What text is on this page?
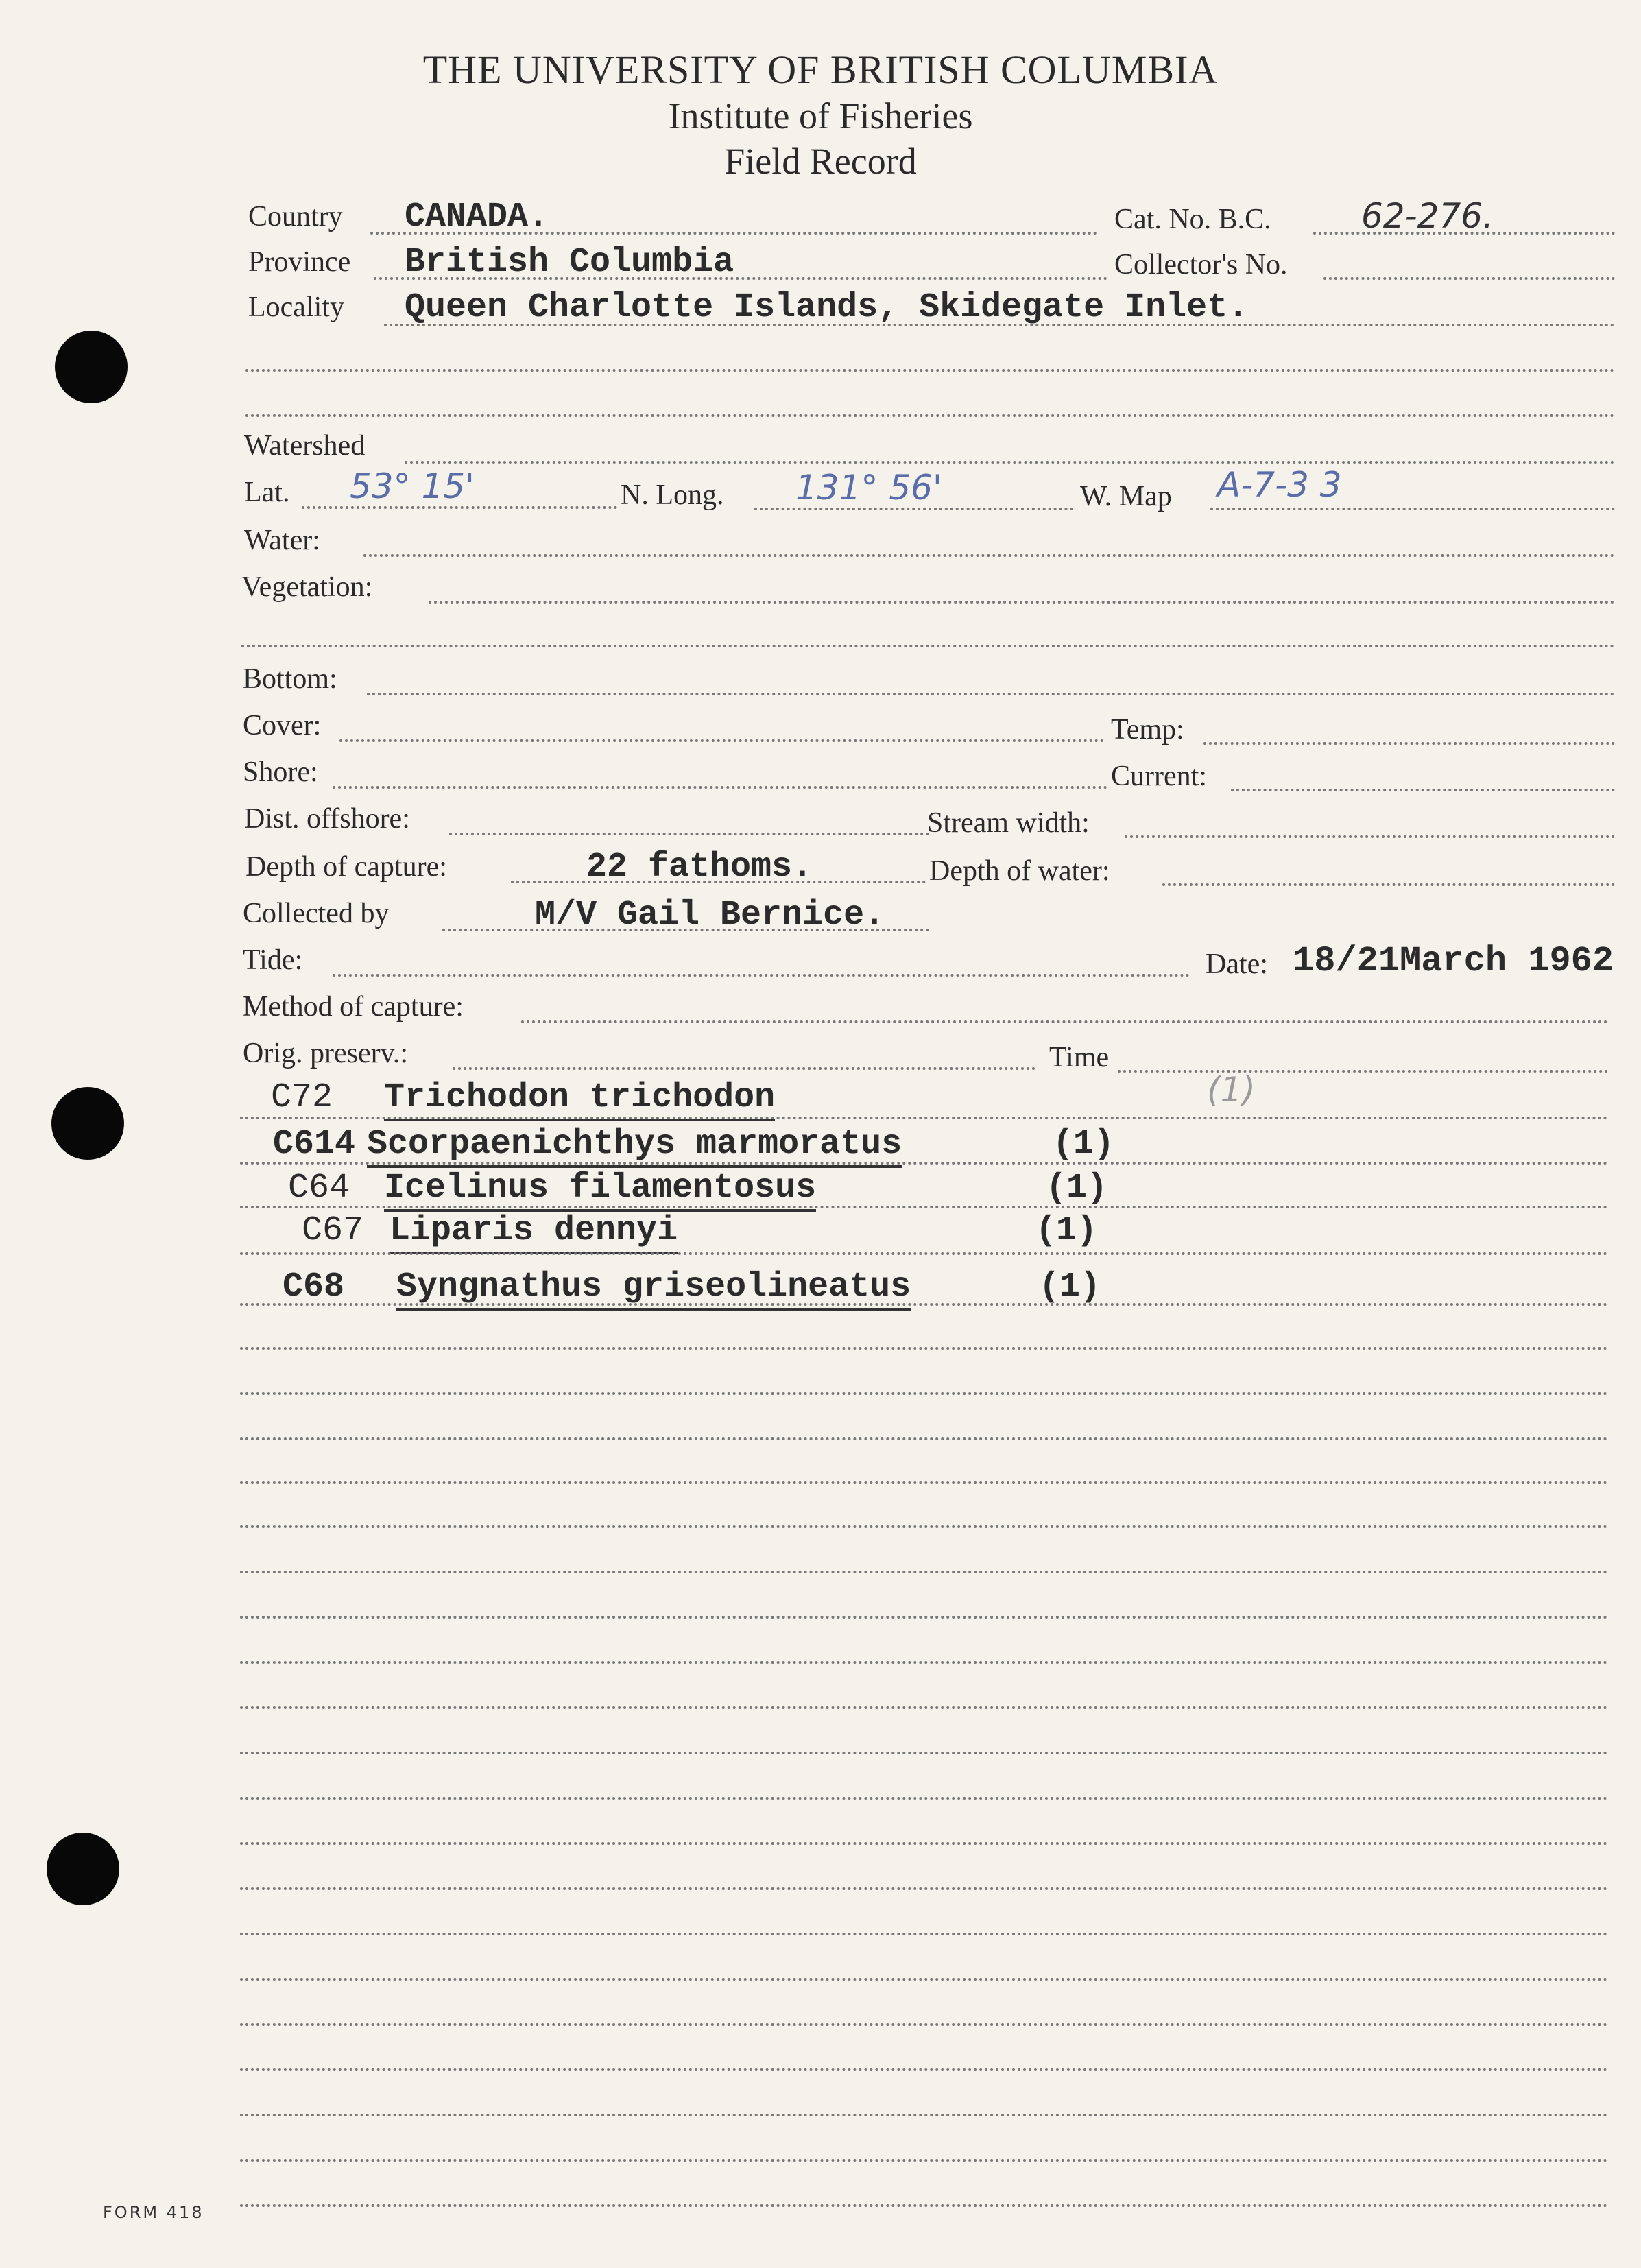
THE UNIVERSITY OF BRITISH COLUMBIA
Institute of Fisheries
Field Record
Country CANADA.	Cat. No. B.C.	62-276.
Province British Columbia	Collector's No.
Locality Queen Charlotte Islands, Skidegate Inlet.
Watershed
Lat. 53° 15'	N. Long. 131° 56'	W. Map A-7-3 3
Water:
Vegetation:
Bottom:
Cover:	Temp:
Shore:	Current:
Dist. offshore:	Stream width:
Depth of capture:	22 fathoms.	Depth of water:
Collected by	M/V Gail Bernice.
Tide:	Date: 18/21March 1962
Method of capture:
Orig. preserv.:	Time
C72 Trichodon trichodon	(1)
C614 Scorpaenichthys marmoratus	(1)
C64 Icelinus filamentosus	(1)
C67 Liparis dennyi	(1)
C68 Syngnathus griseolineatus	(1)
FORM 418
